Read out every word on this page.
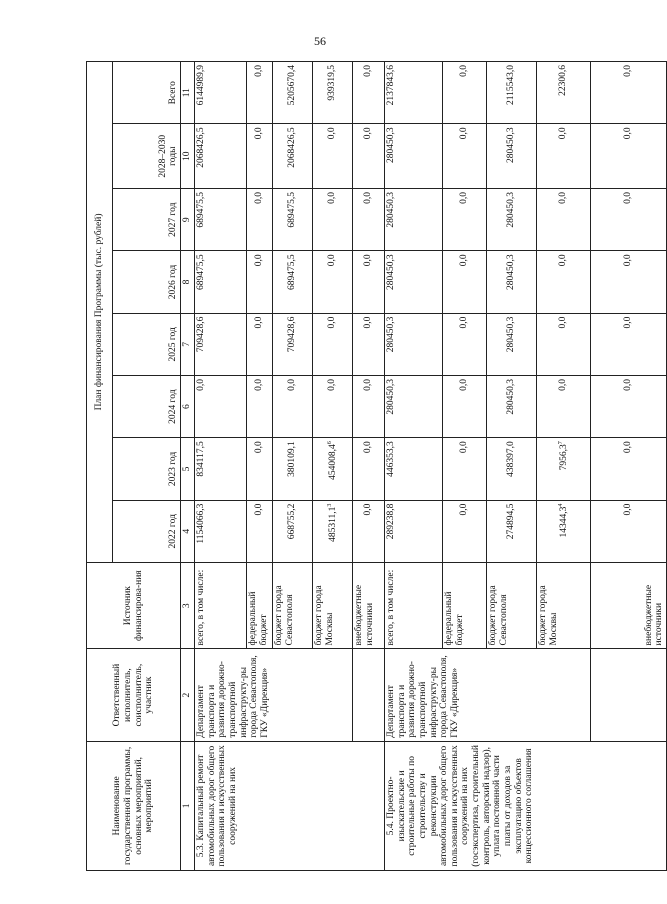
56
Наименование государственной программы, основных мероприятий, мероприятий	Ответственный исполнитель, соисполнитель, участник	Источник финансирова-ния	План финансирования Программы (тыс. рублей)							
			2022 год	2023 год	2024 год	2025 год	2026 год	2027 год	2028–2030 годы	Всего
1	2	3	4	5	6	7	8	9	10	11
5.3. Капитальный ремонт автомобильных дорог общего пользования и искусственных сооружений на них	Департамент транспорта и развития дорожно-транспортной инфраструкту-ры города Севастополя, ГКУ «Дирекция»	всего, в том числе:	1154066,3	834117,5	0,0	709428,6	689475,5	689475,5	2068426,5	6144989,9
		федеральный бюджет	0,0	0,0	0,0	0,0	0,0	0,0	0,0	0,0
		бюджет города Севастополя	668755,2	380109,1	0,0	709428,6	689475,5	689475,5	2068426,5	5205670,4
		бюджет города Москвы	485311,1$^3$	454008,4$^6$	0,0	0,0	0,0	0,0	0,0	939319,5
		внебюджетные источники	0,0	0,0	0,0	0,0	0,0	0,0	0,0	0,0
5.4. Проектно-изыскательские и строительные работы по строительству и реконструкции автомобильных дорог общего пользования и искусственных сооружений на них (госэкспертиза, строительный контроль, авторский надзор), уплата постоянной части платы от доходов за эксплуатацию объектов концессионного соглашения	Департамент транспорта и развития дорожно-транспортной инфраструкту-ры города Севастополя, ГКУ «Дирекция»	всего, в том числе:	289238,8	446353,3	280450,3	280450,3	280450,3	280450,3	280450,3	2137843,6
		федеральный бюджет	0,0	0,0	0,0	0,0	0,0	0,0	0,0	0,0
		бюджет города Севастополя	274894,5	438397,0	280450,3	280450,3	280450,3	280450,3	280450,3	2115543,0
		бюджет города Москвы	14344,3$^4$	7956,3$^7$	0,0	0,0	0,0	0,0	0,0	22300,6
		внебюджетные источники	0,0	0,0	0,0	0,0	0,0	0,0	0,0	0,0
